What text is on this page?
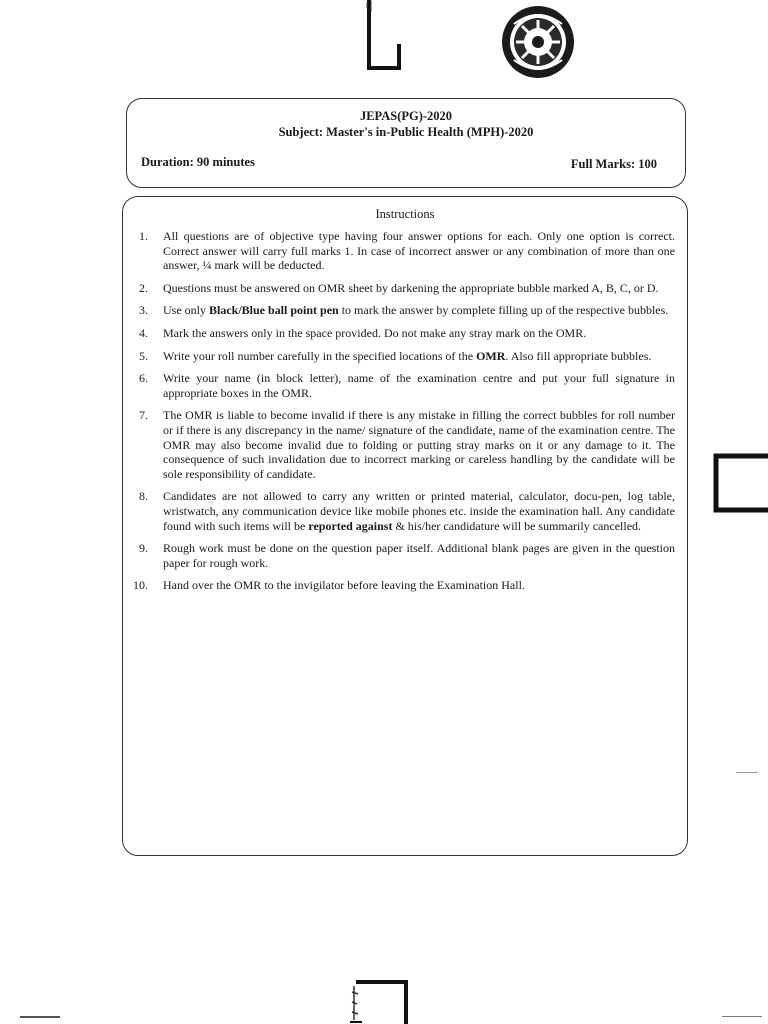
JEPAS(PG)-2020
Subject: Master's in-Public Health (MPH)-2020
Duration: 90 minutes	Full Marks: 100
Instructions
1. All questions are of objective type having four answer options for each. Only one option is correct. Correct answer will carry full marks 1. In case of incorrect answer or any combination of more than one answer, ¼ mark will be deducted.
2. Questions must be answered on OMR sheet by darkening the appropriate bubble marked A, B, C, or D.
3. Use only Black/Blue ball point pen to mark the answer by complete filling up of the respective bubbles.
4. Mark the answers only in the space provided. Do not make any stray mark on the OMR.
5. Write your roll number carefully in the specified locations of the OMR. Also fill appropriate bubbles.
6. Write your name (in block letter), name of the examination centre and put your full signature in appropriate boxes in the OMR.
7. The OMR is liable to become invalid if there is any mistake in filling the correct bubbles for roll number or if there is any discrepancy in the name/ signature of the candidate, name of the examination centre. The OMR may also become invalid due to folding or putting stray marks on it or any damage to it. The consequence of such invalidation due to incorrect marking or careless handling by the candidate will be sole responsibility of candidate.
8. Candidates are not allowed to carry any written or printed material, calculator, docu-pen, log table, wristwatch, any communication device like mobile phones etc. inside the examination hall. Any candidate found with such items will be reported against & his/her candidature will be summarily cancelled.
9. Rough work must be done on the question paper itself. Additional blank pages are given in the question paper for rough work.
10. Hand over the OMR to the invigilator before leaving the Examination Hall.
